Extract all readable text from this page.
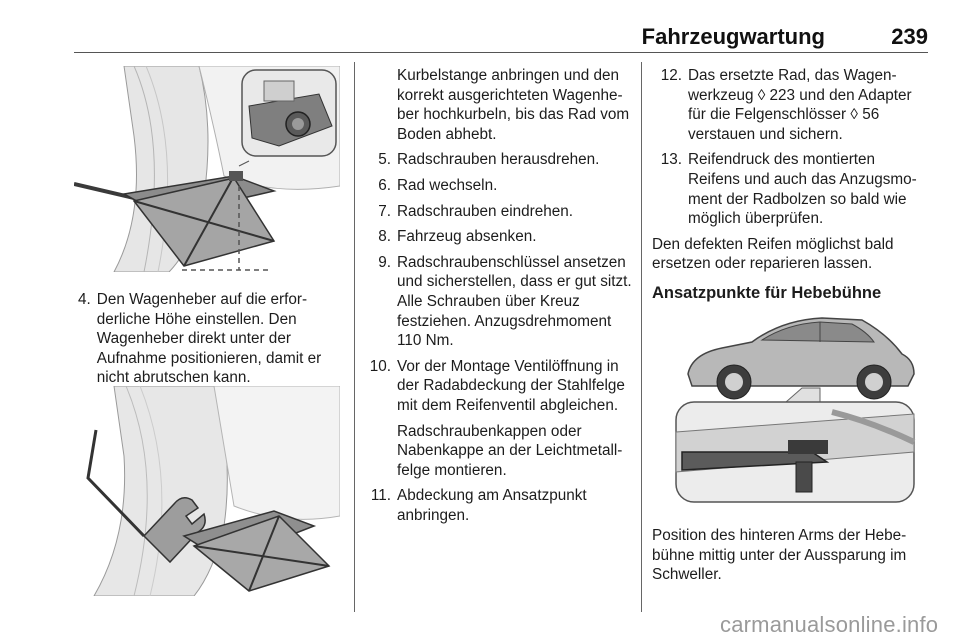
Fahrzeugwartung	239
4. Den Wagenheber auf die erforderliche Höhe einstellen. Den Wagenheber direkt unter der Aufnahme positionieren, damit er nicht abrutschen kann.
Kurbelstange anbringen und den korrekt ausgerichteten Wagenheber hochkurbeln, bis das Rad vom Boden abhebt.
5. Radschrauben herausdrehen.
6. Rad wechseln.
7. Radschrauben eindrehen.
8. Fahrzeug absenken.
9. Radschraubenschlüssel ansetzen und sicherstellen, dass er gut sitzt. Alle Schrauben über Kreuz festziehen. Anzugsdrehmoment 110 Nm.
10. Vor der Montage Ventilöffnung in der Radabdeckung der Stahlfelge mit dem Reifenventil abgleichen.
Radschraubenkappen oder Nabenkappe an der Leichtmetallfelge montieren.
11. Abdeckung am Ansatzpunkt anbringen.
12. Das ersetzte Rad, das Wagenwerkzeug ◊ 223 und den Adapter für die Felgenschlösser ◊ 56 verstauen und sichern.
13. Reifendruck des montierten Reifens und auch das Anzugsmoment der Radbolzen so bald wie möglich überprüfen.
Den defekten Reifen möglichst bald ersetzen oder reparieren lassen.
Ansatzpunkte für Hebebühne
Position des hinteren Arms der Hebebühne mittig unter der Aussparung im Schweller.
carmanualsonline.info
